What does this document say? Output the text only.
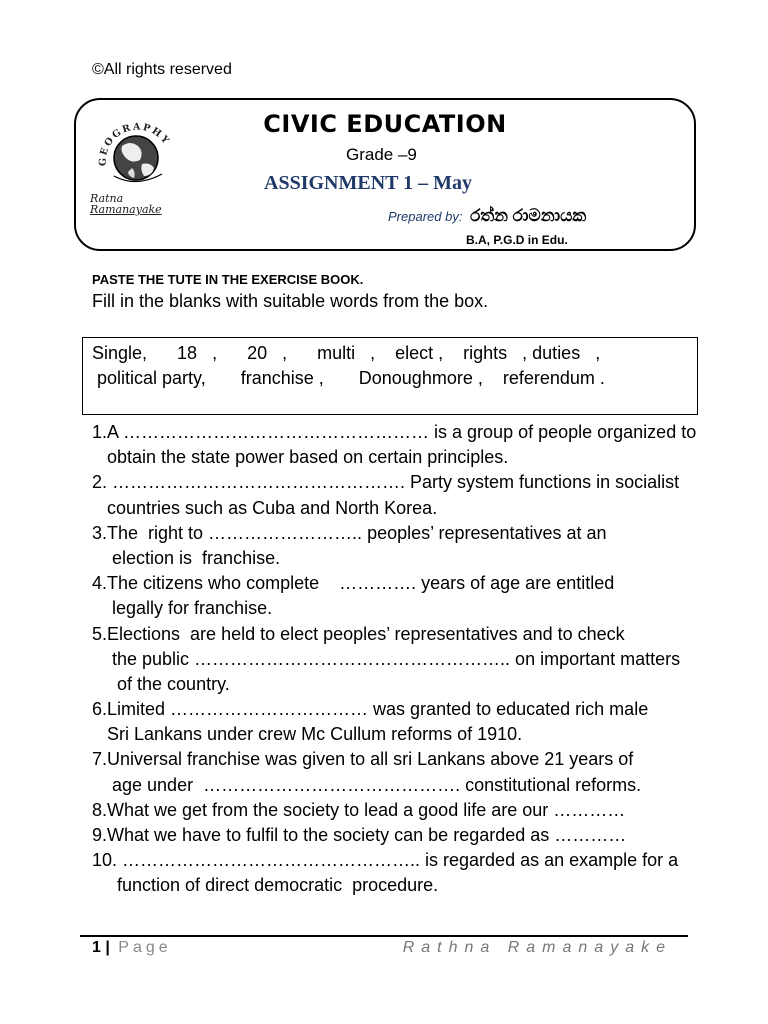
©All rights reserved
GEOGRAPHY
Ratna
Ramanayake
CIVIC EDUCATION
Grade –9
ASSIGNMENT 1 – May
Prepared by: රත්න රාමනායක
B.A, P.G.D in Edu.
PASTE THE TUTE IN THE EXERCISE BOOK.
Fill in the blanks with suitable words from the box.
Single,      18   ,      20   ,      multi   ,    elect ,    rights   , duties   ,
political party,       franchise ,       Donoughmore ,    referendum .
1.A …………………………………………… is a group of people organized to
obtain the state power based on certain principles.
2. …………………………………………. Party system functions in socialist
countries such as Cuba and North Korea.
3.The  right to …………………….. peoples’ representatives at an
election is  franchise.
4.The citizens who complete    …………. years of age are entitled
legally for franchise.
5.Elections  are held to elect peoples’ representatives and to check
the public …………………………………………….. on important matters
of the country.
6.Limited …………………………… was granted to educated rich male
Sri Lankans under crew Mc Cullum reforms of 1910.
7.Universal franchise was given to all sri Lankans above 21 years of
age under  ……………………………………. constitutional reforms.
8.What we get from the society to lead a good life are our …………
9.What we have to fulfil to the society can be regarded as …………
10. ………………………………………….. is regarded as an example for a
function of direct democratic  procedure.
1 | Page	Rathna Ramanayake
